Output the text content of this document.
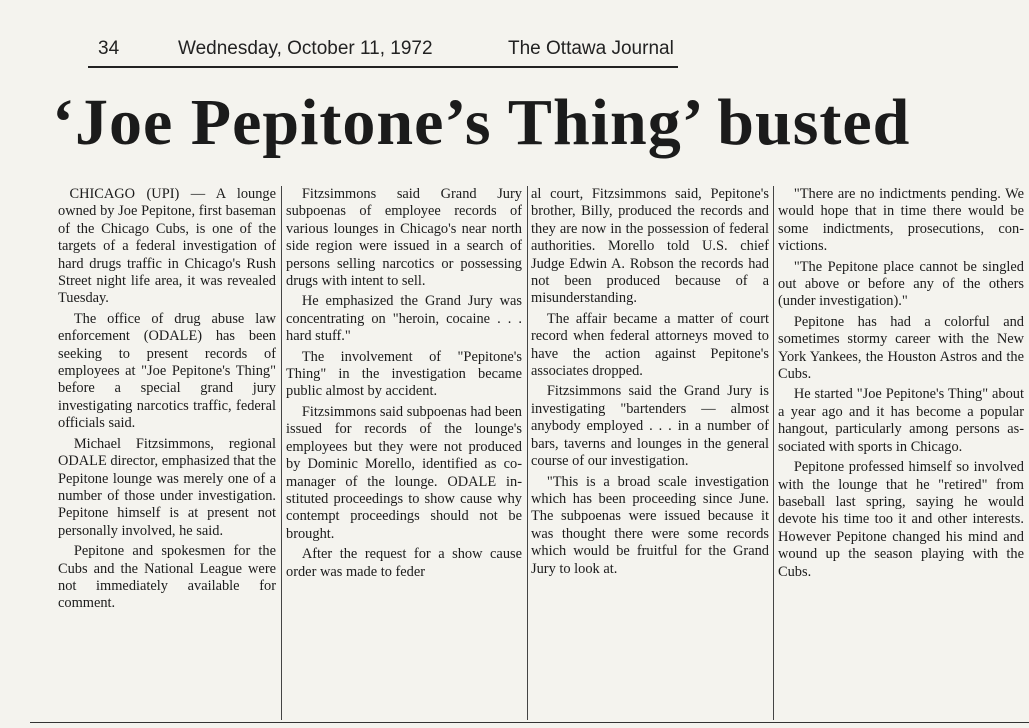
34	Wednesday, October 11, 1972	The Ottawa Journal
‘Joe Pepitone’s Thing’ busted

CHICAGO (UPI) — A lounge owned by Joe Pepitone, first baseman of the Chicago Cubs, is one of the targets of a federal investigation of hard drugs traffic in Chicago's Rush Street night life area, it was revealed Tuesday.

The office of drug abuse law enforcement (ODALE) has been seeking to present records of employees at "Joe Pepitone's Thing" before a special grand jury investigating narcotics traffic, federal officials said.

Michael Fitzsimmons, regional ODALE director, emphasized that the Pepitone lounge was merely one of a number of those under investigation. Pepitone himself is at present not personally involved, he said.

Pepitone and spokesmen for the Cubs and the National League were not immediately available for comment.

Fitzsimmons said Grand Jury subpoenas of employee records of various lounges in Chicago's near north side region were issued in a search of persons selling narcotics or possessing drugs with intent to sell.

He emphasized the Grand Jury was concentrating on "heroin, cocaine . . . hard stuff."

The involvement of "Pepitone's Thing" in the investigation became public almost by accident.

Fitzsimmons said subpoenas had been issued for records of the lounge's employees but they were not produced by Dominic Morello, identified as co-manager of the lounge. ODALE instituted proceedings to show cause why contempt proceedings should not be brought.

After the request for a show cause order was made to feder

al court, Fitzsimmons said, Pepitone's brother, Billy, produced the records and they are now in the possession of federal authorities. Morello told U.S. chief Judge Edwin A. Robson the records had not been produced because of a misunderstanding.

The affair became a matter of court record when federal attorneys moved to have the action against Pepitone's associates dropped.

Fitzsimmons said the Grand Jury is investigating "bartenders — almost anybody employed . . . in a number of bars, taverns and lounges in the general course of our investigation.

"This is a broad scale investigation which has been proceeding since June. The subpoenas were issued because it was thought there were some records which would be fruitful for the Grand Jury to look at.

"There are no indictments pending. We would hope that in time there would be some indictments, prosecutions, convictions.

"The Pepitone place cannot be singled out above or before any of the others (under investigation)."

Pepitone has had a colorful and sometimes stormy career with the New York Yankees, the Houston Astros and the Cubs.

He started "Joe Pepitone's Thing" about a year ago and it has become a popular hangout, particularly among persons associated with sports in Chicago.

Pepitone professed himself so involved with the lounge that he "retired" from baseball last spring, saying he would devote his time too it and other interests. However Pepitone changed his mind and wound up the season playing with the Cubs.
